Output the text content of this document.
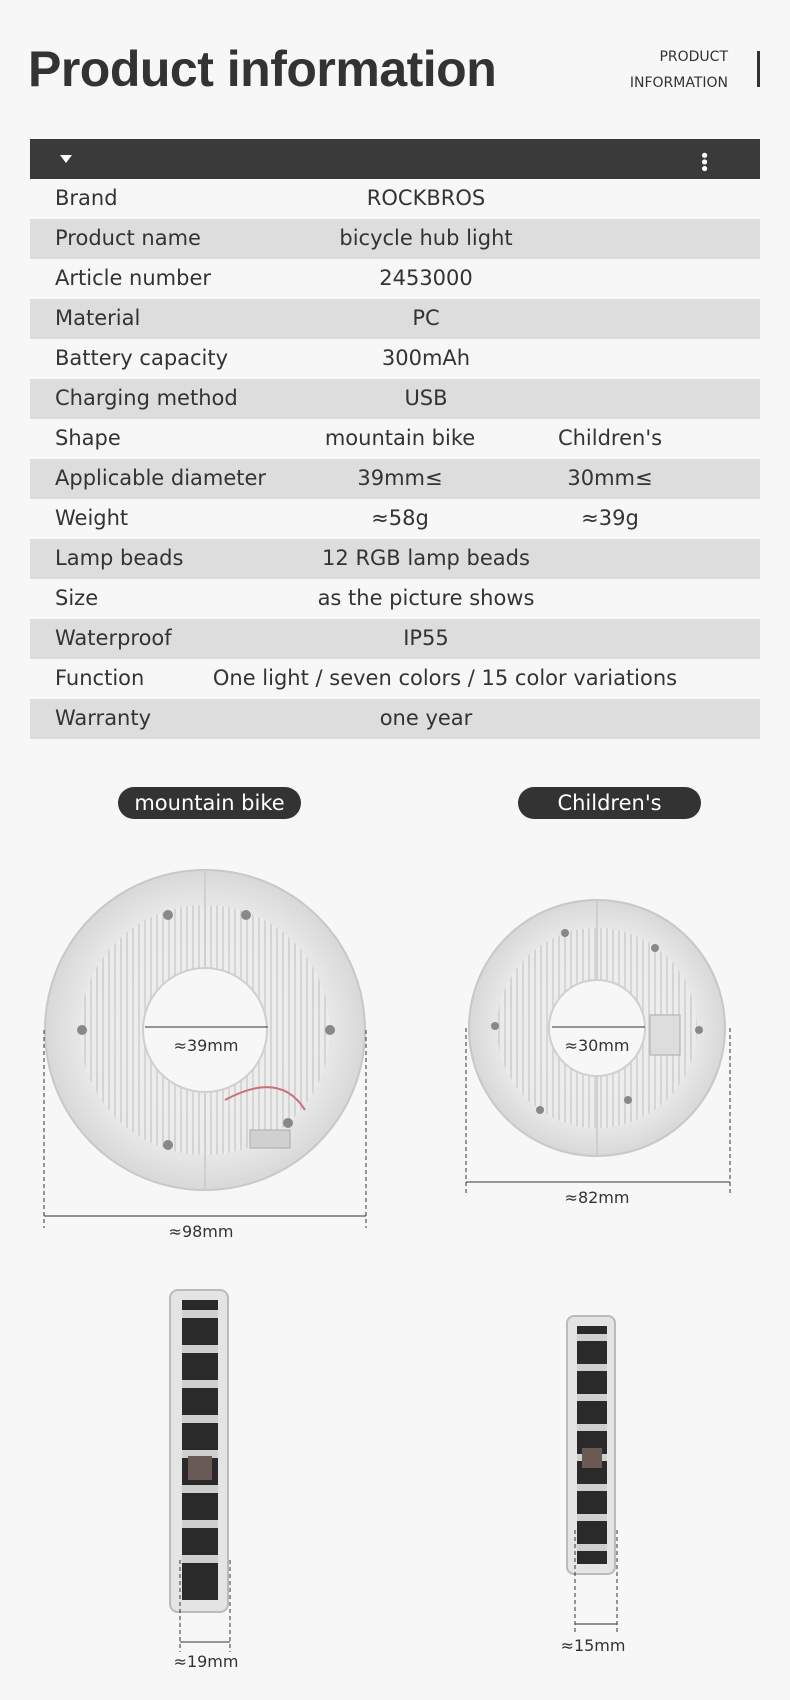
Product information	PRODUCT
INFORMATION
•••
Brand	ROCKBROS
Product name	bicycle hub light
Article number	2453000
Material	PC
Battery capacity	300mAh
Charging method	USB
Shape	mountain bike	Children's
Applicable diameter	39mm≤	30mm≤
Weight	≈58g	≈39g
Lamp beads	12 RGB lamp beads
Size	as the picture shows
Waterproof	IP55
Function	One light / seven colors / 15 color variations
Warranty	one year
mountain bike	Children's
≈39mm
≈98mm
≈19mm
≈30mm
≈82mm
≈15mm
